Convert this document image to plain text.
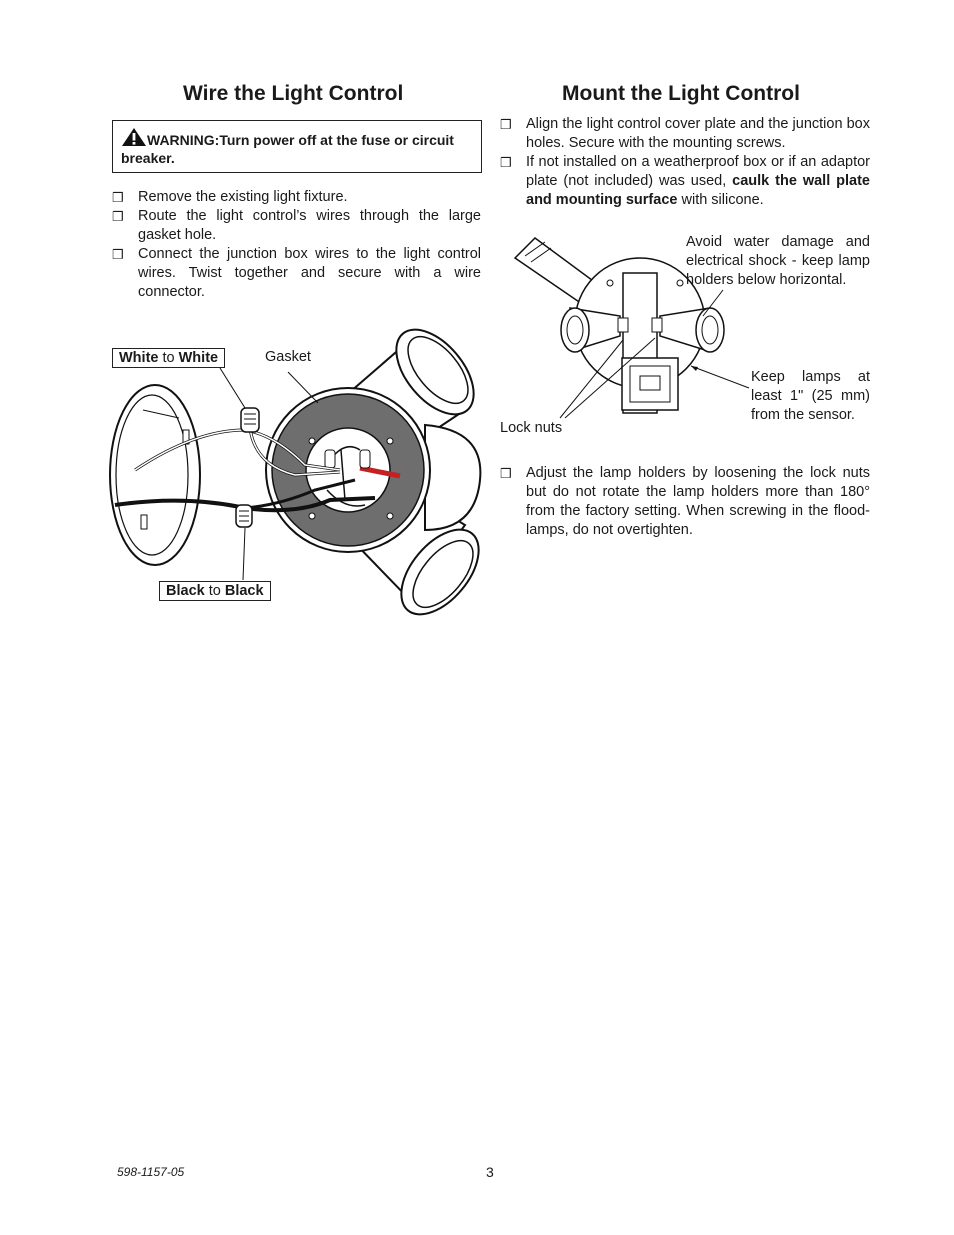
Wire the Light Control
WARNING:Turn power off at the fuse or circuit breaker.
❒ Remove the existing light fixture.
❒ Route the light control’s wires through the large gasket hole.
❒ Connect the junction box wires to the light control wires. Twist together and secure with a wire connector.
White to White	Gasket
Black to Black
Mount the Light Control
❒ Align the light control cover plate and the junction box holes. Secure with the mounting screws.
❒ If not installed on a weatherproof box or if an adaptor plate (not included) was used, caulk the wall plate and mounting surface with silicone.
Avoid water damage and electrical shock - keep lamp holders below horizontal.
Keep lamps at least 1" (25 mm) from the sensor.
Lock nuts
❒ Adjust the lamp holders by loosening the lock nuts but do not rotate the lamp holders more than 180° from the factory setting. When screwing in the flood-lamps, do not overtighten.
598-1157-05	3
